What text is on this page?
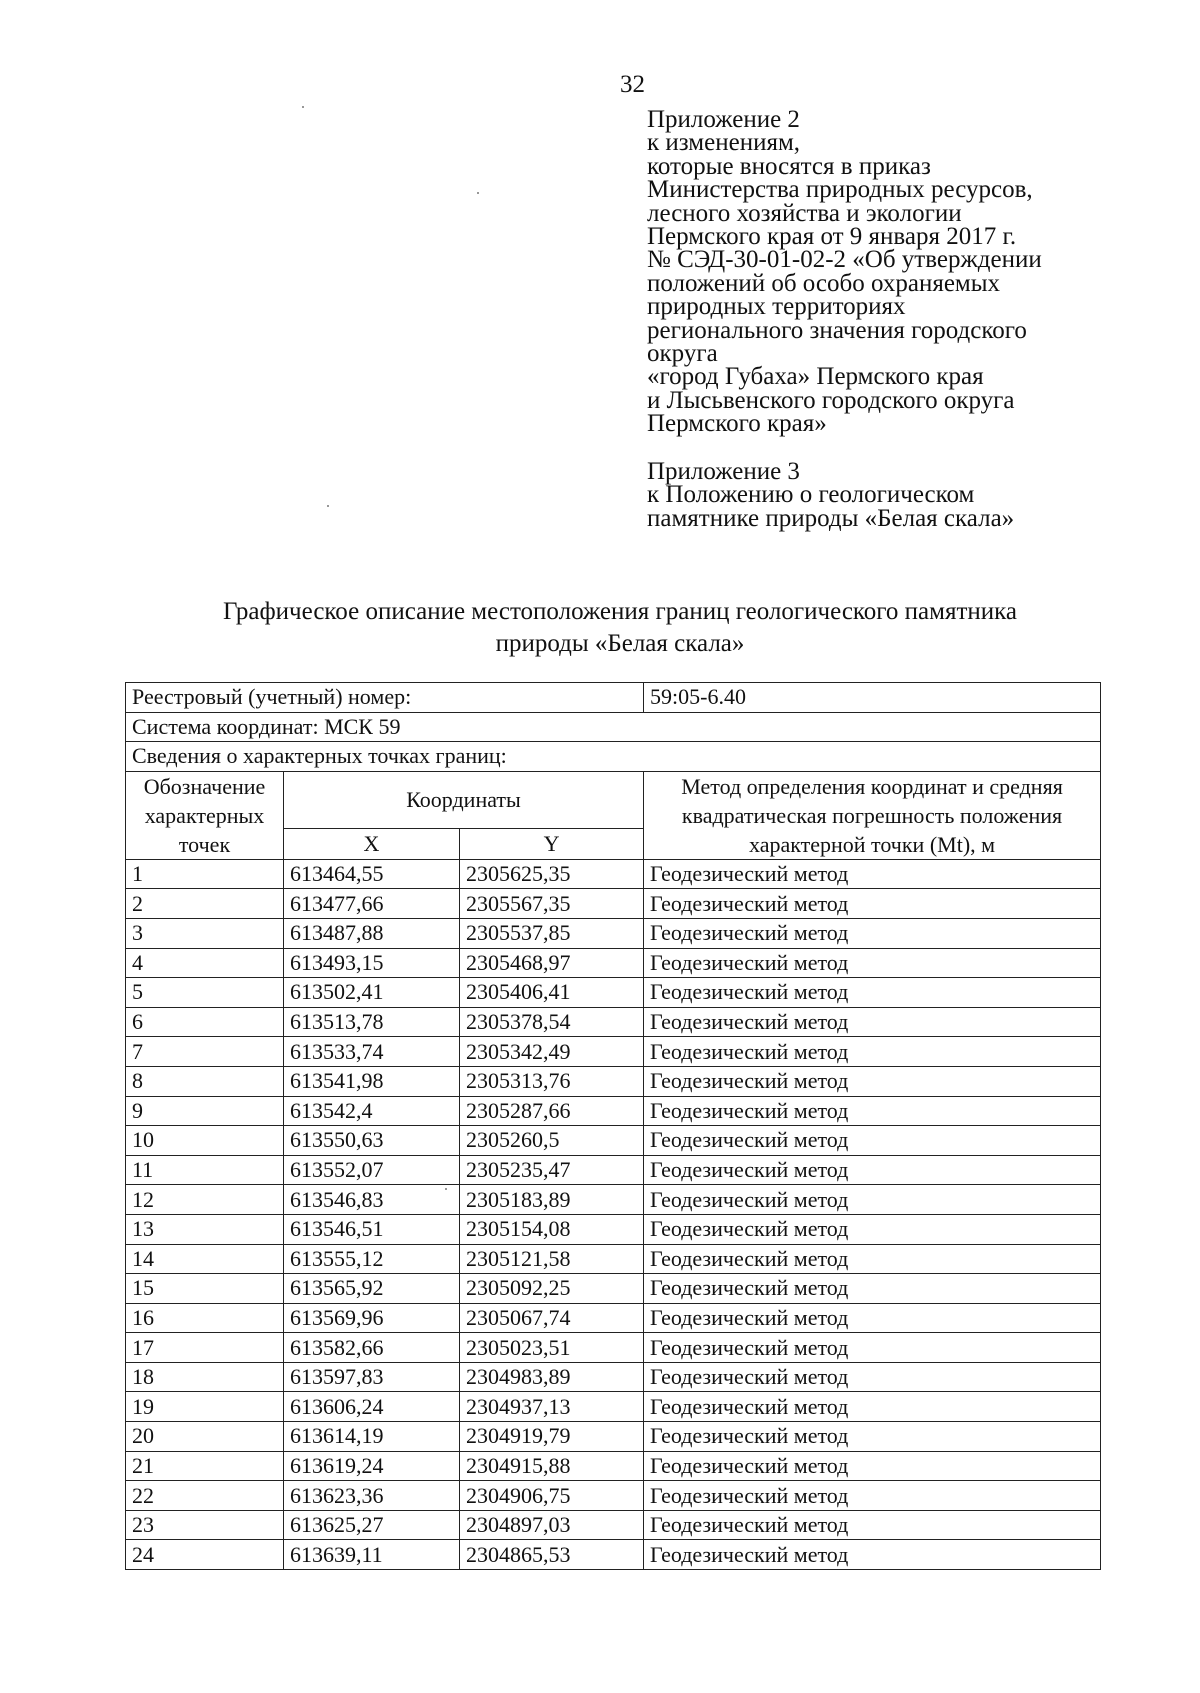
32
Приложение 2
к изменениям,
которые вносятся в приказ
Министерства природных ресурсов,
лесного хозяйства и экологии
Пермского края от 9 января 2017 г.
№ СЭД-30-01-02-2 «Об утверждении
положений об особо охраняемых
природных территориях
регионального значения городского
округа
«город Губаха» Пермского края
и Лысьвенского городского округа
Пермского края»
Приложение 3
к Положению о геологическом
памятнике природы «Белая скала»
Графическое описание местоположения границ геологического памятника
природы «Белая скала»
Реестровый (учетный) номер:			59:05-6.40
Система координат: МСК 59			
Сведения о характерных точках границ:			
Обозначение характерных точек	Координаты		Метод определения координат и средняя квадратическая погрешность положения характерной точки (Mt), м
	X	Y	
1	613464,55	2305625,35	Геодезический метод
2	613477,66	2305567,35	Геодезический метод
3	613487,88	2305537,85	Геодезический метод
4	613493,15	2305468,97	Геодезический метод
5	613502,41	2305406,41	Геодезический метод
6	613513,78	2305378,54	Геодезический метод
7	613533,74	2305342,49	Геодезический метод
8	613541,98	2305313,76	Геодезический метод
9	613542,4	2305287,66	Геодезический метод
10	613550,63	2305260,5	Геодезический метод
11	613552,07	2305235,47	Геодезический метод
12	613546,83	2305183,89	Геодезический метод
13	613546,51	2305154,08	Геодезический метод
14	613555,12	2305121,58	Геодезический метод
15	613565,92	2305092,25	Геодезический метод
16	613569,96	2305067,74	Геодезический метод
17	613582,66	2305023,51	Геодезический метод
18	613597,83	2304983,89	Геодезический метод
19	613606,24	2304937,13	Геодезический метод
20	613614,19	2304919,79	Геодезический метод
21	613619,24	2304915,88	Геодезический метод
22	613623,36	2304906,75	Геодезический метод
23	613625,27	2304897,03	Геодезический метод
24	613639,11	2304865,53	Геодезический метод
